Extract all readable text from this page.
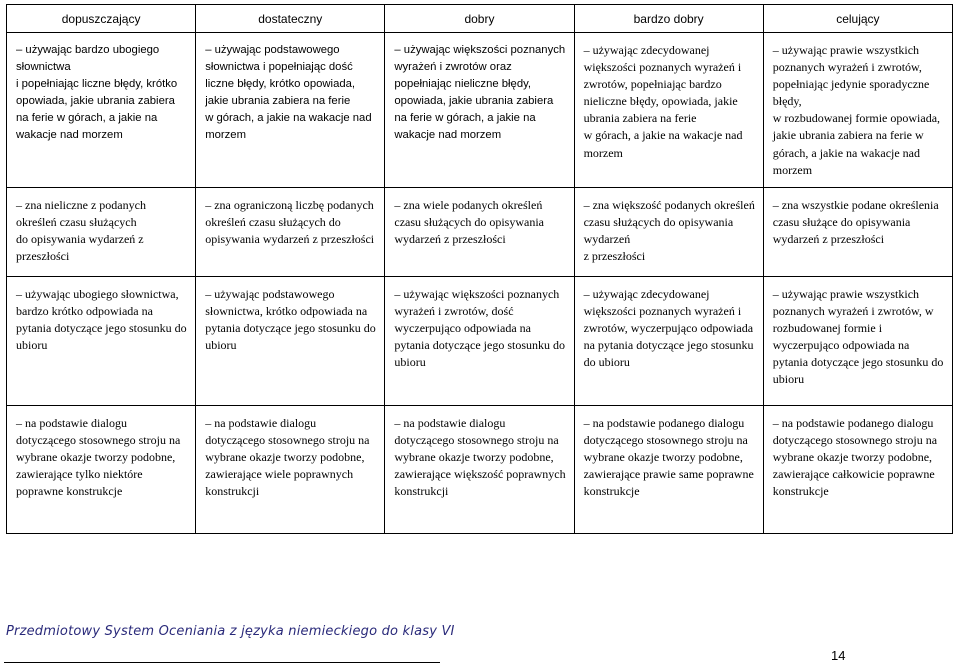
dopuszczający	dostateczny	dobry	bardzo dobry	celujący

– używając bardzo ubogiego słownictwa
i popełniając liczne błędy, krótko opowiada, jakie ubrania zabiera na ferie w górach, a jakie na wakacje nad morzem	– używając podstawowego słownictwa i popełniając dość liczne błędy, krótko opowiada, jakie ubrania zabiera na ferie
w górach, a jakie na wakacje nad morzem	– używając większości poznanych wyrażeń i zwrotów oraz popełniając nieliczne błędy, opowiada, jakie ubrania zabiera
na ferie w górach, a jakie na wakacje nad morzem	– używając zdecydowanej większości poznanych wyrażeń i zwrotów, popełniając bardzo nieliczne błędy, opowiada, jakie ubrania zabiera na ferie
w górach, a jakie na wakacje nad morzem	– używając prawie wszystkich poznanych wyrażeń i zwrotów, popełniając jedynie sporadyczne błędy,
w rozbudowanej formie opowiada, jakie ubrania zabiera na ferie w górach, a jakie na wakacje nad morzem

– zna nieliczne z podanych określeń czasu służących
do opisywania wydarzeń z przeszłości	– zna ograniczoną liczbę podanych określeń czasu służących do opisywania wydarzeń z przeszłości	– zna wiele podanych określeń czasu służących do opisywania wydarzeń z przeszłości	– zna większość podanych określeń czasu służących do opisywania wydarzeń
z przeszłości	– zna wszystkie podane określenia czasu służące do opisywania wydarzeń z przeszłości

– używając ubogiego słownictwa, bardzo krótko odpowiada na pytania dotyczące jego stosunku do ubioru	– używając podstawowego słownictwa, krótko odpowiada na pytania dotyczące jego stosunku do ubioru	– używając większości poznanych wyrażeń i zwrotów, dość wyczerpująco odpowiada na pytania dotyczące jego stosunku do ubioru	– używając zdecydowanej większości poznanych wyrażeń i zwrotów, wyczerpująco odpowiada na pytania dotyczące jego stosunku do ubioru	– używając prawie wszystkich poznanych wyrażeń i zwrotów, w rozbudowanej formie i wyczerpująco odpowiada na pytania dotyczące jego stosunku do ubioru

– na podstawie dialogu dotyczącego stosownego stroju na wybrane okazje tworzy podobne, zawierające tylko niektóre poprawne konstrukcje	– na podstawie dialogu dotyczącego stosownego stroju na wybrane okazje tworzy podobne, zawierające wiele poprawnych konstrukcji	– na podstawie dialogu dotyczącego stosownego stroju na wybrane okazje tworzy podobne, zawierające większość poprawnych konstrukcji	– na podstawie podanego dialogu dotyczącego stosownego stroju na wybrane okazje tworzy podobne, zawierające prawie same poprawne konstrukcje	– na podstawie podanego dialogu dotyczącego stosownego stroju na wybrane okazje tworzy podobne, zawierające całkowicie poprawne konstrukcje
Przedmiotowy System Oceniania z języka niemieckiego do klasy VI
14
